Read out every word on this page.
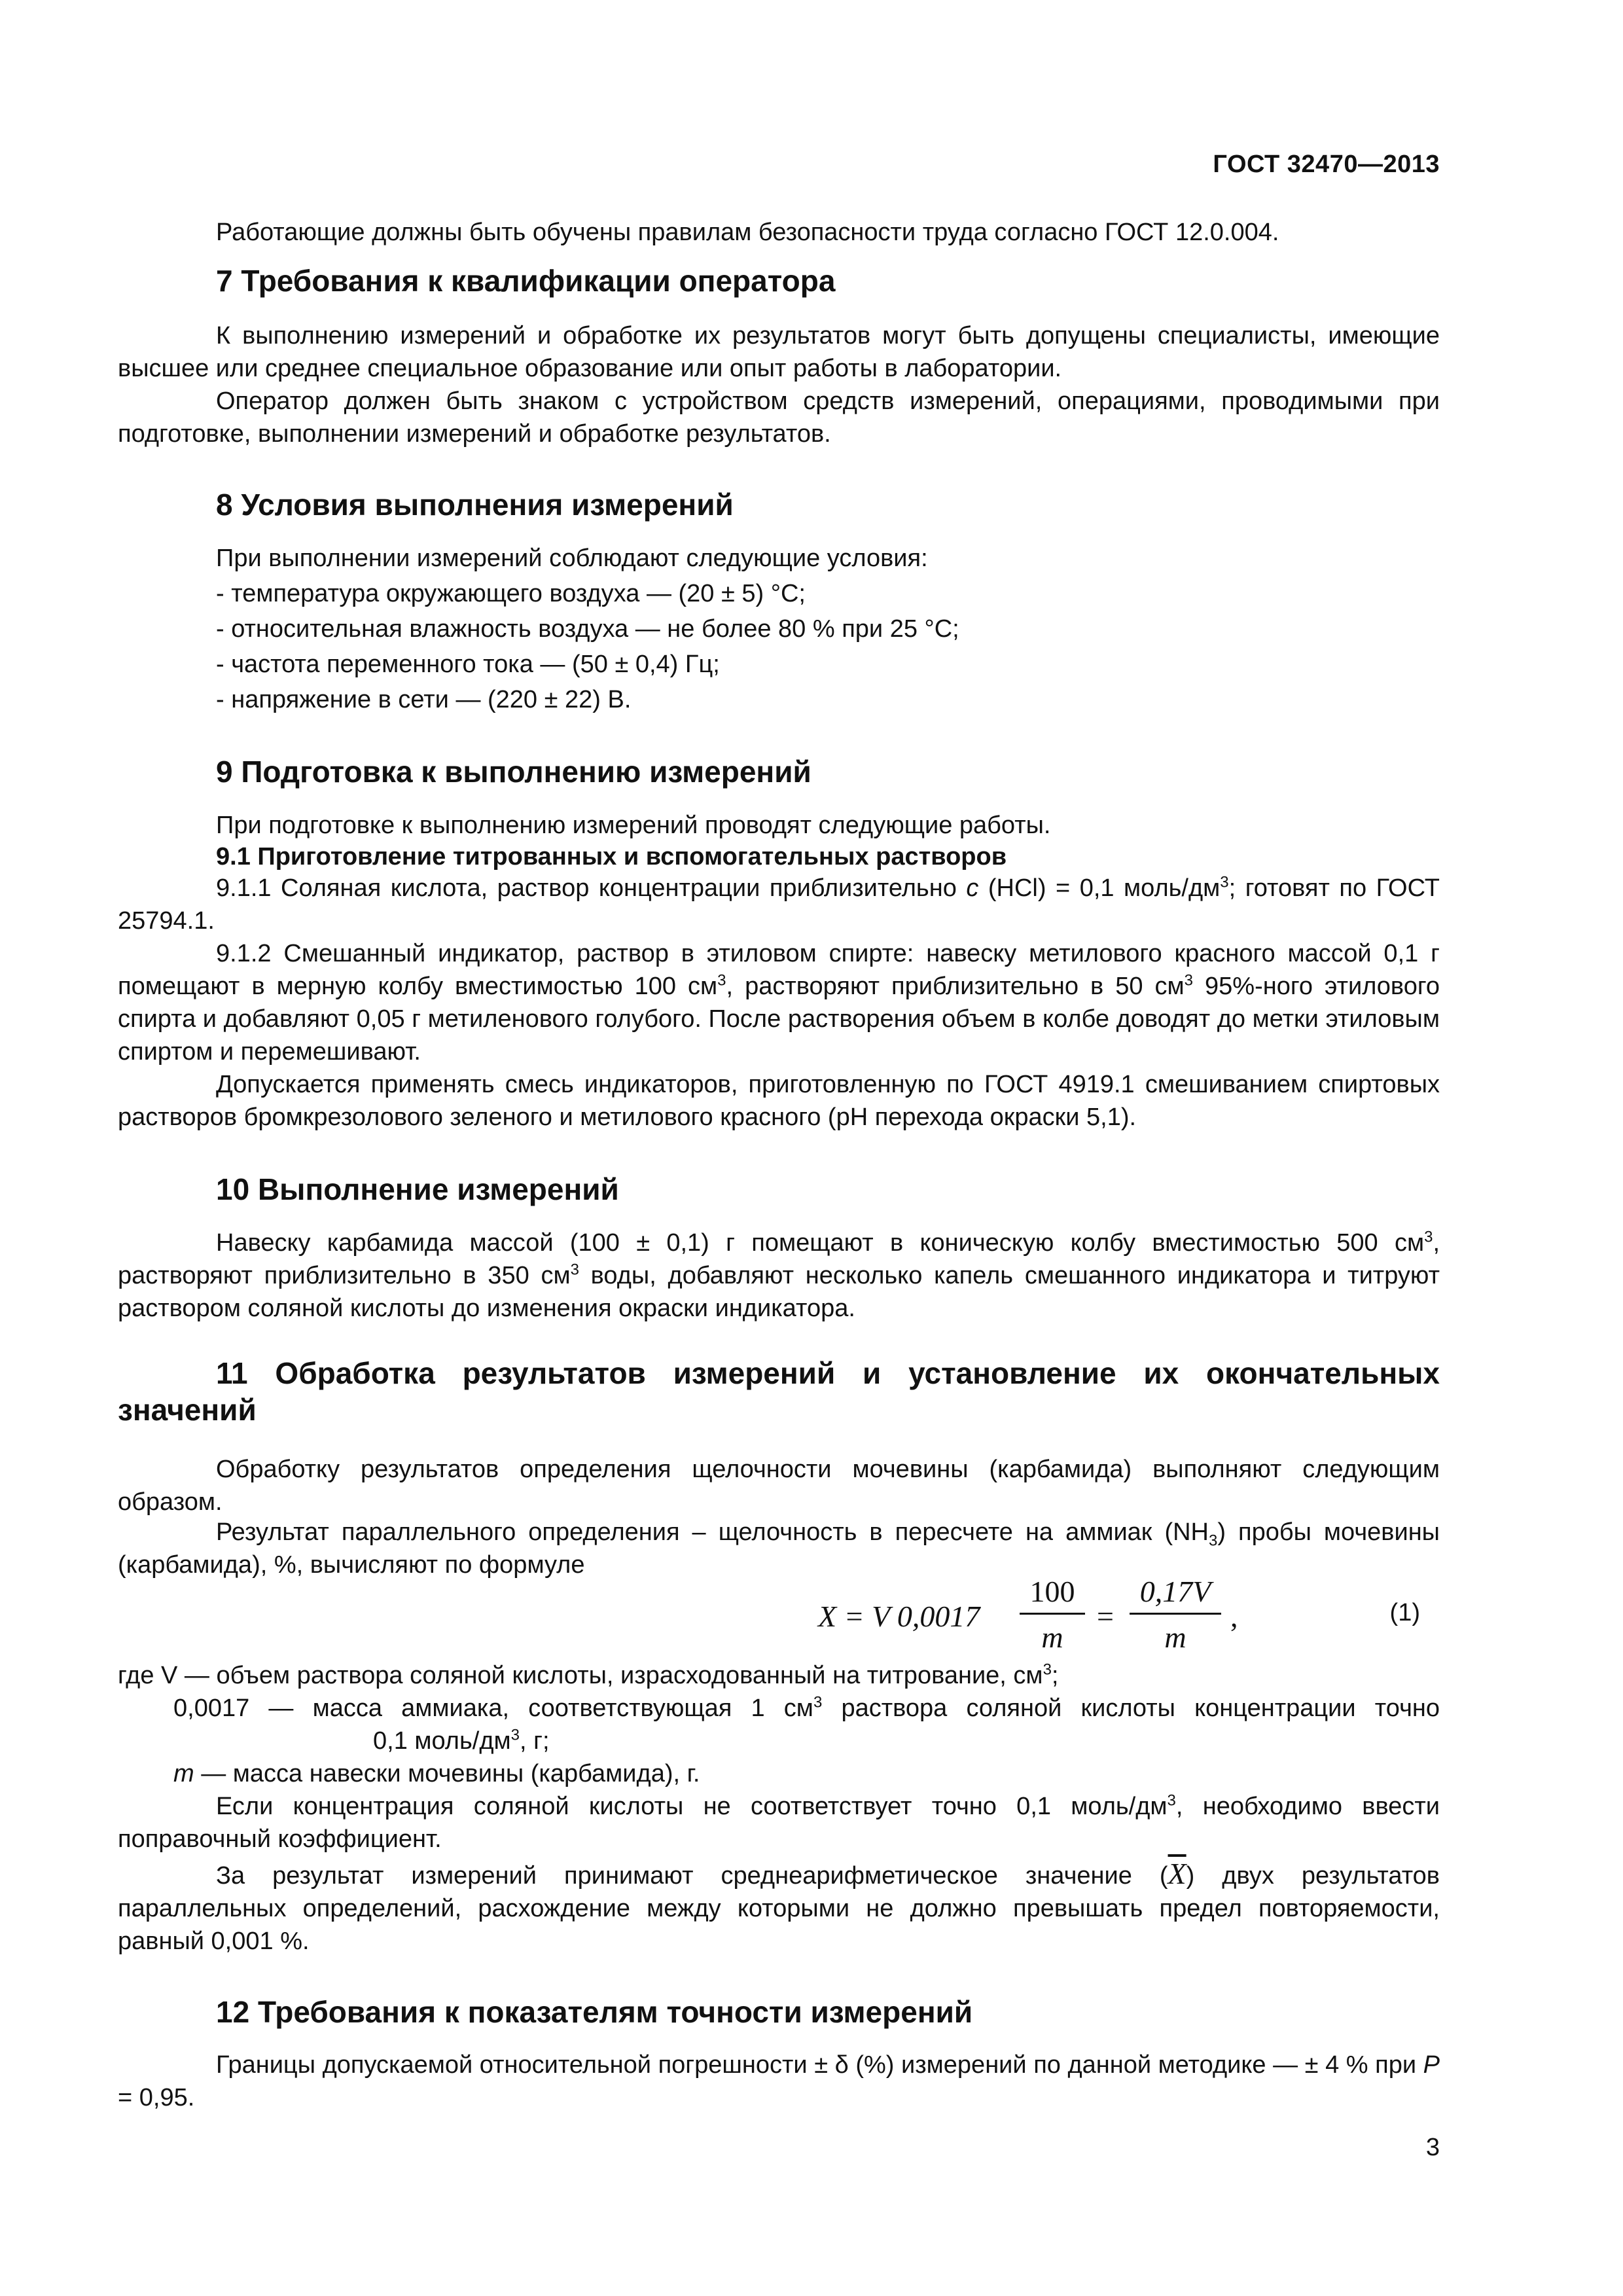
ГОСТ 32470—2013
Работающие должны быть обучены правилам безопасности труда согласно ГОСТ 12.0.004.
7 Требования к квалификации оператора
К выполнению измерений и обработке их результатов могут быть допущены специалисты, имеющие высшее или среднее специальное образование или опыт работы в лаборатории.
Оператор должен быть знаком с устройством средств измерений, операциями, проводимыми при подготовке, выполнении измерений и обработке результатов.
8 Условия выполнения измерений
При выполнении измерений соблюдают следующие условия:
- температура окружающего воздуха — (20 ± 5) °С;
- относительная влажность воздуха — не более 80 % при 25 °С;
- частота переменного тока — (50 ± 0,4) Гц;
- напряжение в сети — (220 ± 22) В.
9 Подготовка к выполнению измерений
При подготовке к выполнению измерений проводят следующие работы.
9.1 Приготовление титрованных и вспомогательных растворов
9.1.1 Соляная кислота, раствор концентрации приблизительно c (HCl) = 0,1 моль/$дм^3$; готовят по ГОСТ 25794.1.
9.1.2 Смешанный индикатор, раствор в этиловом спирте: навеску метилового красного массой 0,1 г помещают в мерную колбу вместимостью 100 $см^3$, растворяют приблизительно в 50 $см^3$ 95%-ного этилового спирта и добавляют 0,05 г метиленового голубого. После растворения объем в колбе доводят до метки этиловым спиртом и перемешивают.
Допускается применять смесь индикаторов, приготовленную по ГОСТ 4919.1 смешиванием спиртовых растворов бромкрезолового зеленого и метилового красного (рН перехода окраски 5,1).
10 Выполнение измерений
Навеску карбамида массой (100 ± 0,1) г помещают в коническую колбу вместимостью 500 $см^3$, растворяют приблизительно в 350 $см^3$ воды, добавляют несколько капель смешанного индикатора и титруют раствором соляной кислоты до изменения окраски индикатора.
11 Обработка результатов измерений и установление их окончательных
значений
Обработку результатов определения щелочности мочевины (карбамида) выполняют следующим образом.
Результат параллельного определения – щелочность в пересчете на аммиак $(NH_3)$ пробы мочевины (карбамида), %, вычисляют по формуле
X = V 0,0017
100
m
=
0,17V
m
,	(1)
где V — объем раствора соляной кислоты, израсходованный на титрование, $см^3$;
0,0017 — масса аммиака, соответствующая 1 $см^3$ раствора соляной кислоты концентрации точно
0,1 моль/$дм^3$, г;
m — масса навески мочевины (карбамида), г.
Если концентрация соляной кислоты не соответствует точно 0,1 моль/$дм^3$, необходимо ввести поправочный коэффициент.
За результат измерений принимают среднеарифметическое значение $(\overline{X})$ двух результатов параллельных определений, расхождение между которыми не должно превышать предел повторяемости, равный 0,001 %.
12 Требования к показателям точности измерений
Границы допускаемой относительной погрешности ± δ (%) измерений по данной методике — ± 4 % при P = 0,95.
3
